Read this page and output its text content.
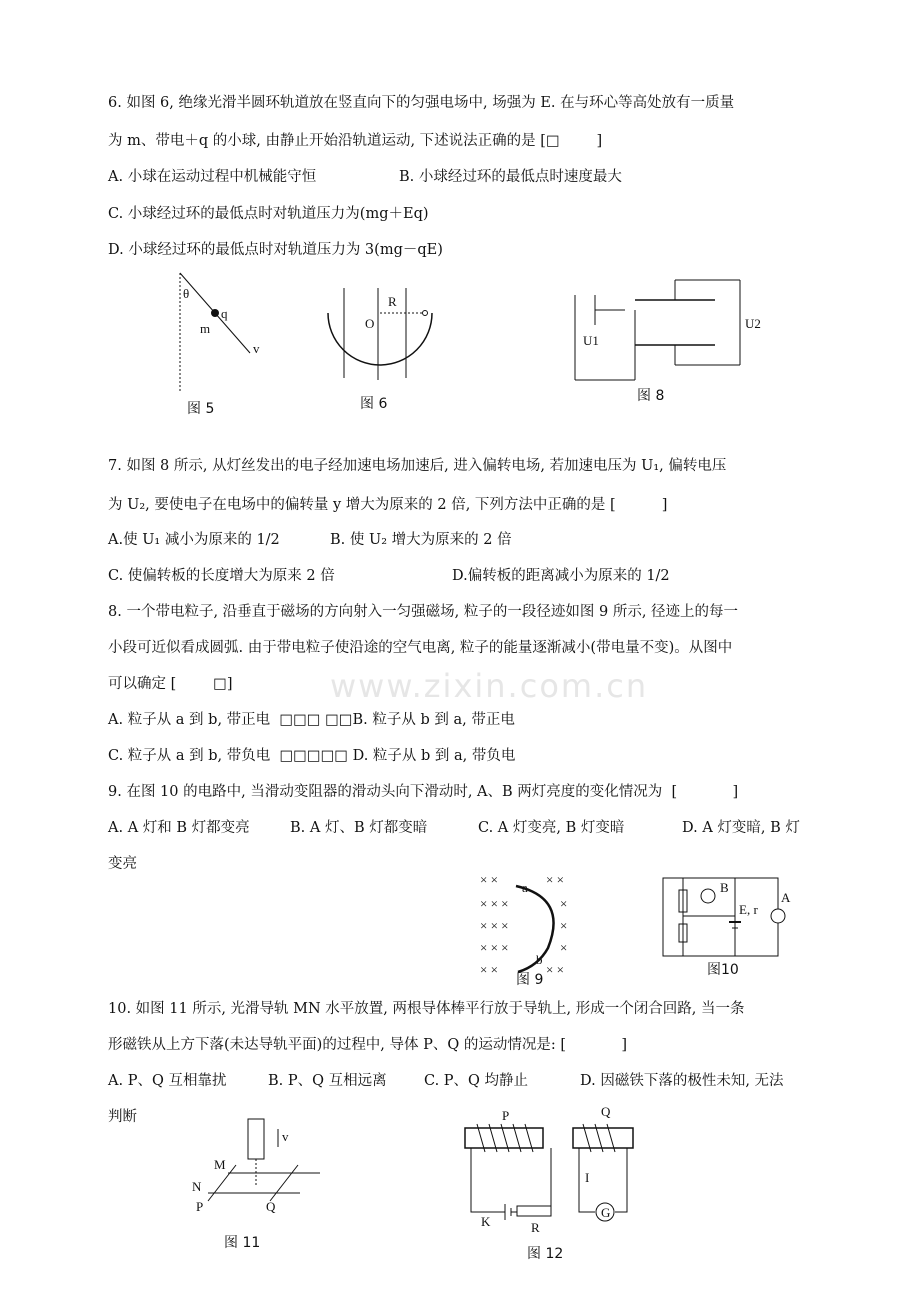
www.zixin.com.cn
6. 如图 6, 绝缘光滑半圆环轨道放在竖直向下的匀强电场中, 场强为 E. 在与环心等高处放有一质量
为 m、带电＋q 的小球, 由静止开始沿轨道运动, 下述说法正确的是 [□        ]
A. 小球在运动过程中机械能守恒	B. 小球经过环的最低点时速度最大
C. 小球经过环的最低点时对轨道压力为(mg＋Eq)
D. 小球经过环的最低点时对轨道压力为 3(mg－qE)
θ
q
m
v
图 5
R
O
图 6
U1
U2
图 8
7. 如图 8 所示, 从灯丝发出的电子经加速电场加速后, 进入偏转电场, 若加速电压为 U₁, 偏转电压
为 U₂, 要使电子在电场中的偏转量 y 增大为原来的 2 倍, 下列方法中正确的是 [          ]
A.使 U₁ 减小为原来的 1/2	B. 使 U₂ 增大为原来的 2 倍
C. 使偏转板的长度增大为原来 2 倍	D.偏转板的距离减小为原来的 1/2
8. 一个带电粒子, 沿垂直于磁场的方向射入一匀强磁场, 粒子的一段径迹如图 9 所示, 径迹上的每一
小段可近似看成圆弧. 由于带电粒子使沿途的空气电离, 粒子的能量逐渐减小(带电量不变)。从图中
可以确定 [        □]
A. 粒子从 a 到 b, 带正电  □□□ □□B. 粒子从 b 到 a, 带正电
C. 粒子从 a 到 b, 带负电  □□□□□ D. 粒子从 b 到 a, 带负电
9. 在图 10 的电路中, 当滑动变阻器的滑动头向下滑动时, A、B 两灯亮度的变化情况为  [            ]
A. A 灯和 B 灯都变亮	B. A 灯、B 灯都变暗	C. A 灯变亮, B 灯变暗	D. A 灯变暗, B 灯
变亮
× ×	× ×
× × ×	×
× × ×	×
× × ×	×
× ×	× ×
a
b
图 9
B
E, r
A
图10
10. 如图 11 所示, 光滑导轨 MN 水平放置, 两根导体棒平行放于导轨上, 形成一个闭合回路, 当一条
形磁铁从上方下落(未达导轨平面)的过程中, 导体 P、Q 的运动情况是: [            ]
A. P、Q 互相靠扰	B. P、Q 互相远离	C. P、Q 均静止	D. 因磁铁下落的极性未知, 无法
判断
v
M
N
P	Q
图 11
P	Q
I
K	R
G
图 12
